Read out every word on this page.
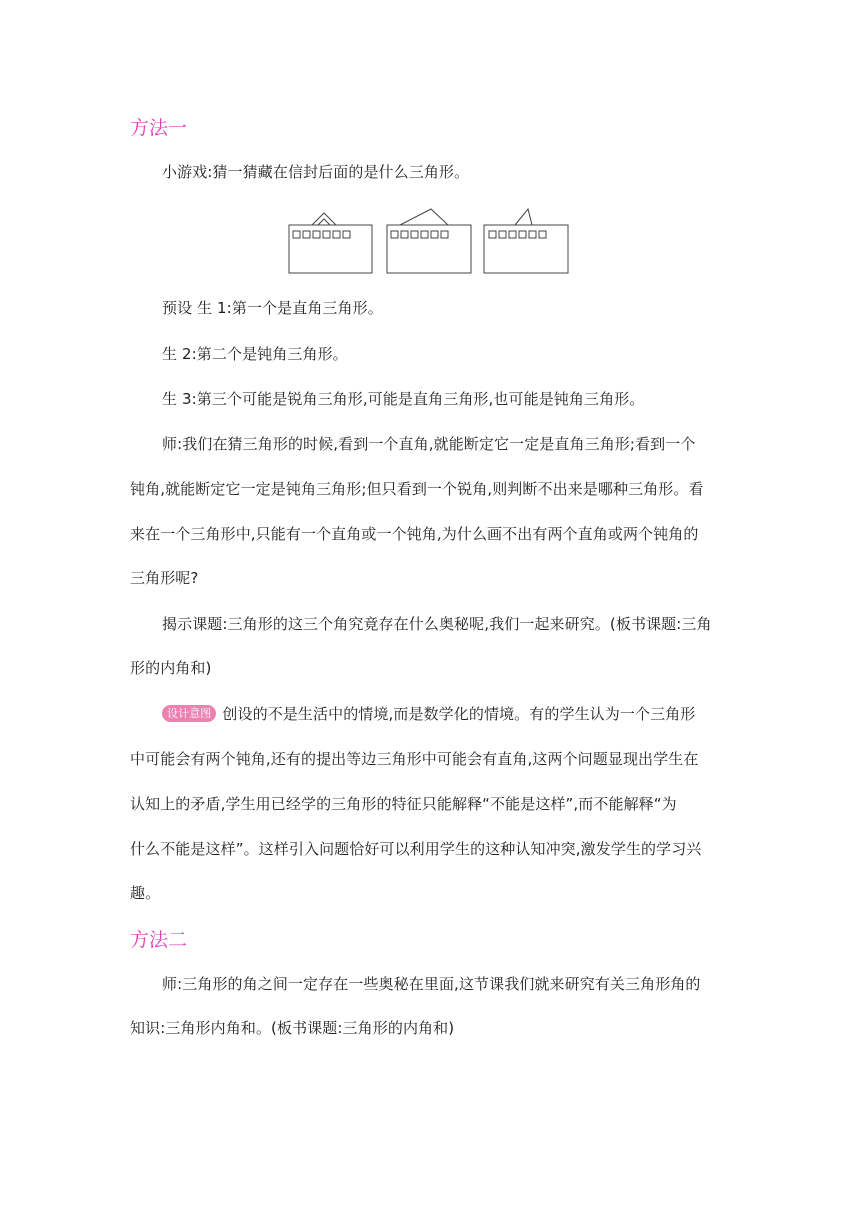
方法一
小游戏:猜一猜藏在信封后面的是什么三角形。
预设 生 1:第一个是直角三角形。
生 2:第二个是钝角三角形。
生 3:第三个可能是锐角三角形,可能是直角三角形,也可能是钝角三角形。
师:我们在猜三角形的时候,看到一个直角,就能断定它一定是直角三角形;看到一个
钝角,就能断定它一定是钝角三角形;但只看到一个锐角,则判断不出来是哪种三角形。看
来在一个三角形中,只能有一个直角或一个钝角,为什么画不出有两个直角或两个钝角的
三角形呢?
揭示课题:三角形的这三个角究竟存在什么奥秘呢,我们一起来研究。(板书课题:三角
形的内角和)
设计意图 创设的不是生活中的情境,而是数学化的情境。有的学生认为一个三角形
中可能会有两个钝角,还有的提出等边三角形中可能会有直角,这两个问题显现出学生在
认知上的矛盾,学生用已经学的三角形的特征只能解释“不能是这样”,而不能解释“为
什么不能是这样”。这样引入问题恰好可以利用学生的这种认知冲突,激发学生的学习兴
趣。
方法二
师:三角形的角之间一定存在一些奥秘在里面,这节课我们就来研究有关三角形角的
知识:三角形内角和。(板书课题:三角形的内角和)
